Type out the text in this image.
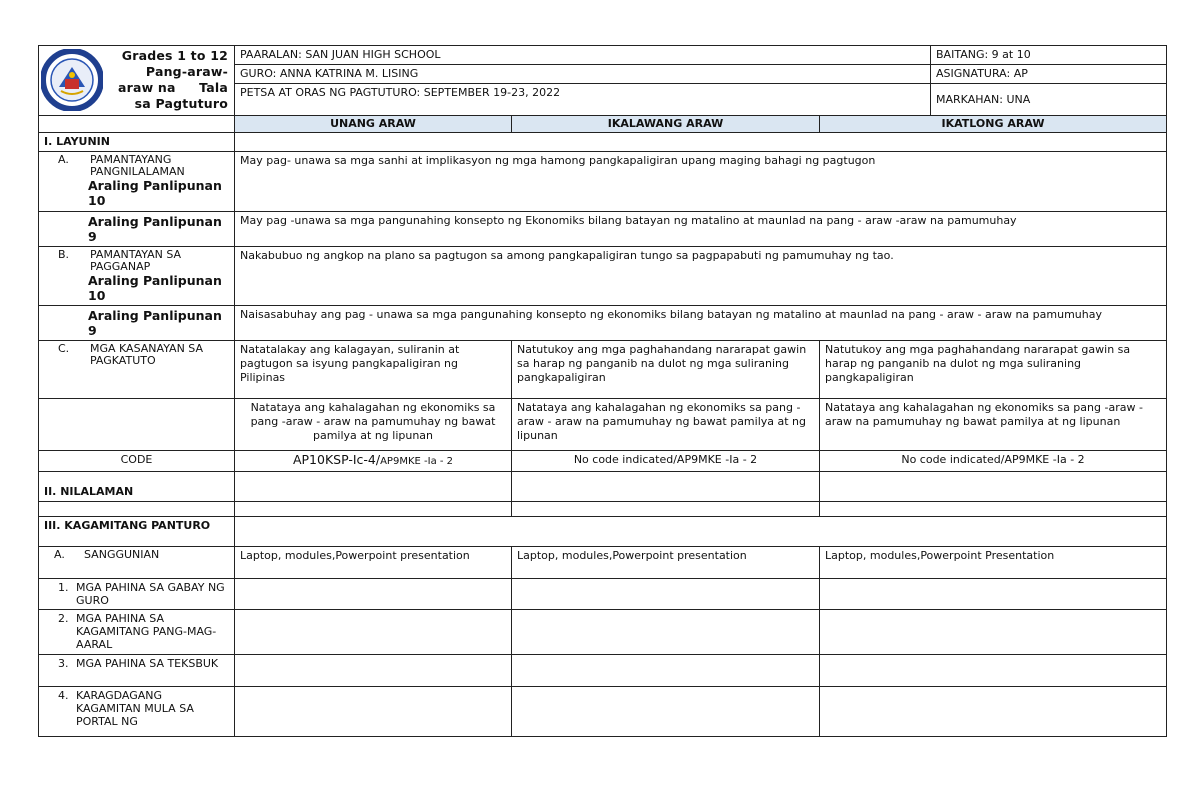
Grades 1 to 12
Pang-araw-
araw na Tala
sa Pagtuturo	PAARALAN: SAN JUAN HIGH SCHOOL			BAITANG: 9 at 10
	GURO: ANNA KATRINA M. LISING			ASIGNATURA: AP
	PETSA AT ORAS NG PAGTUTURO: SEPTEMBER 19-23, 2022			MARKAHAN: UNA
	UNANG ARAW	IKALAWANG ARAW	IKATLONG ARAW	
I. LAYUNIN				

A. PAMANTAYANG PANGNILALAMAN
Araling Panlipunan 10	May pag- unawa sa mga sanhi at implikasyon ng mga hamong pangkapaligiran upang maging bahagi ng pagtugon			

Araling Panlipunan 9	May pag -unawa sa mga pangunahing konsepto ng Ekonomiks bilang batayan ng matalino at maunlad na pang - araw -araw na pamumuhay			

B. PAMANTAYAN SA PAGGANAP
Araling Panlipunan 10	Nakabubuo ng angkop na plano sa pagtugon sa among pangkapaligiran tungo sa pagpapabuti ng pamumuhay ng tao.			

Araling Panlipunan 9	Naisasabuhay ang pag - unawa sa mga pangunahing konsepto ng ekonomiks bilang batayan ng matalino at maunlad na pang - araw - araw na pamumuhay			

C. MGA KASANAYAN SA PAGKATUTO	Natatalakay ang kalagayan, suliranin at pagtugon sa isyung pangkapaligiran ng Pilipinas	Natutukoy ang mga paghahandang nararapat gawin sa harap ng panganib na dulot ng mga suliraning pangkapaligiran	Natutukoy ang mga paghahandang nararapat gawin sa harap ng panganib na dulot ng mga suliraning pangkapaligiran	
	Natataya ang kahalagahan ng ekonomiks sa pang -araw - araw na pamumuhay ng bawat pamilya at ng lipunan	Natataya ang kahalagahan ng ekonomiks sa pang -araw - araw na pamumuhay ng bawat pamilya at ng lipunan	Natataya ang kahalagahan ng ekonomiks sa pang -araw - araw na pamumuhay ng bawat pamilya at ng lipunan	
CODE	AP10KSP-Ic-4/AP9MKE -Ia - 2	No code indicated/AP9MKE -Ia - 2	No code indicated/AP9MKE -Ia - 2	
II. NILALAMAN				

III. KAGAMITANG PANTURO				

A. SANGGUNIAN	Laptop, modules,Powerpoint presentation	Laptop, modules,Powerpoint presentation	Laptop, modules,Powerpoint Presentation	

1. MGA PAHINA SA GABAY NG GURO				

2. MGA PAHINA SA KAGAMITANG PANG-MAG-AARAL				

3. MGA PAHINA SA TEKSBUK				

4. KARAGDAGANG KAGAMITAN MULA SA PORTAL NG				
